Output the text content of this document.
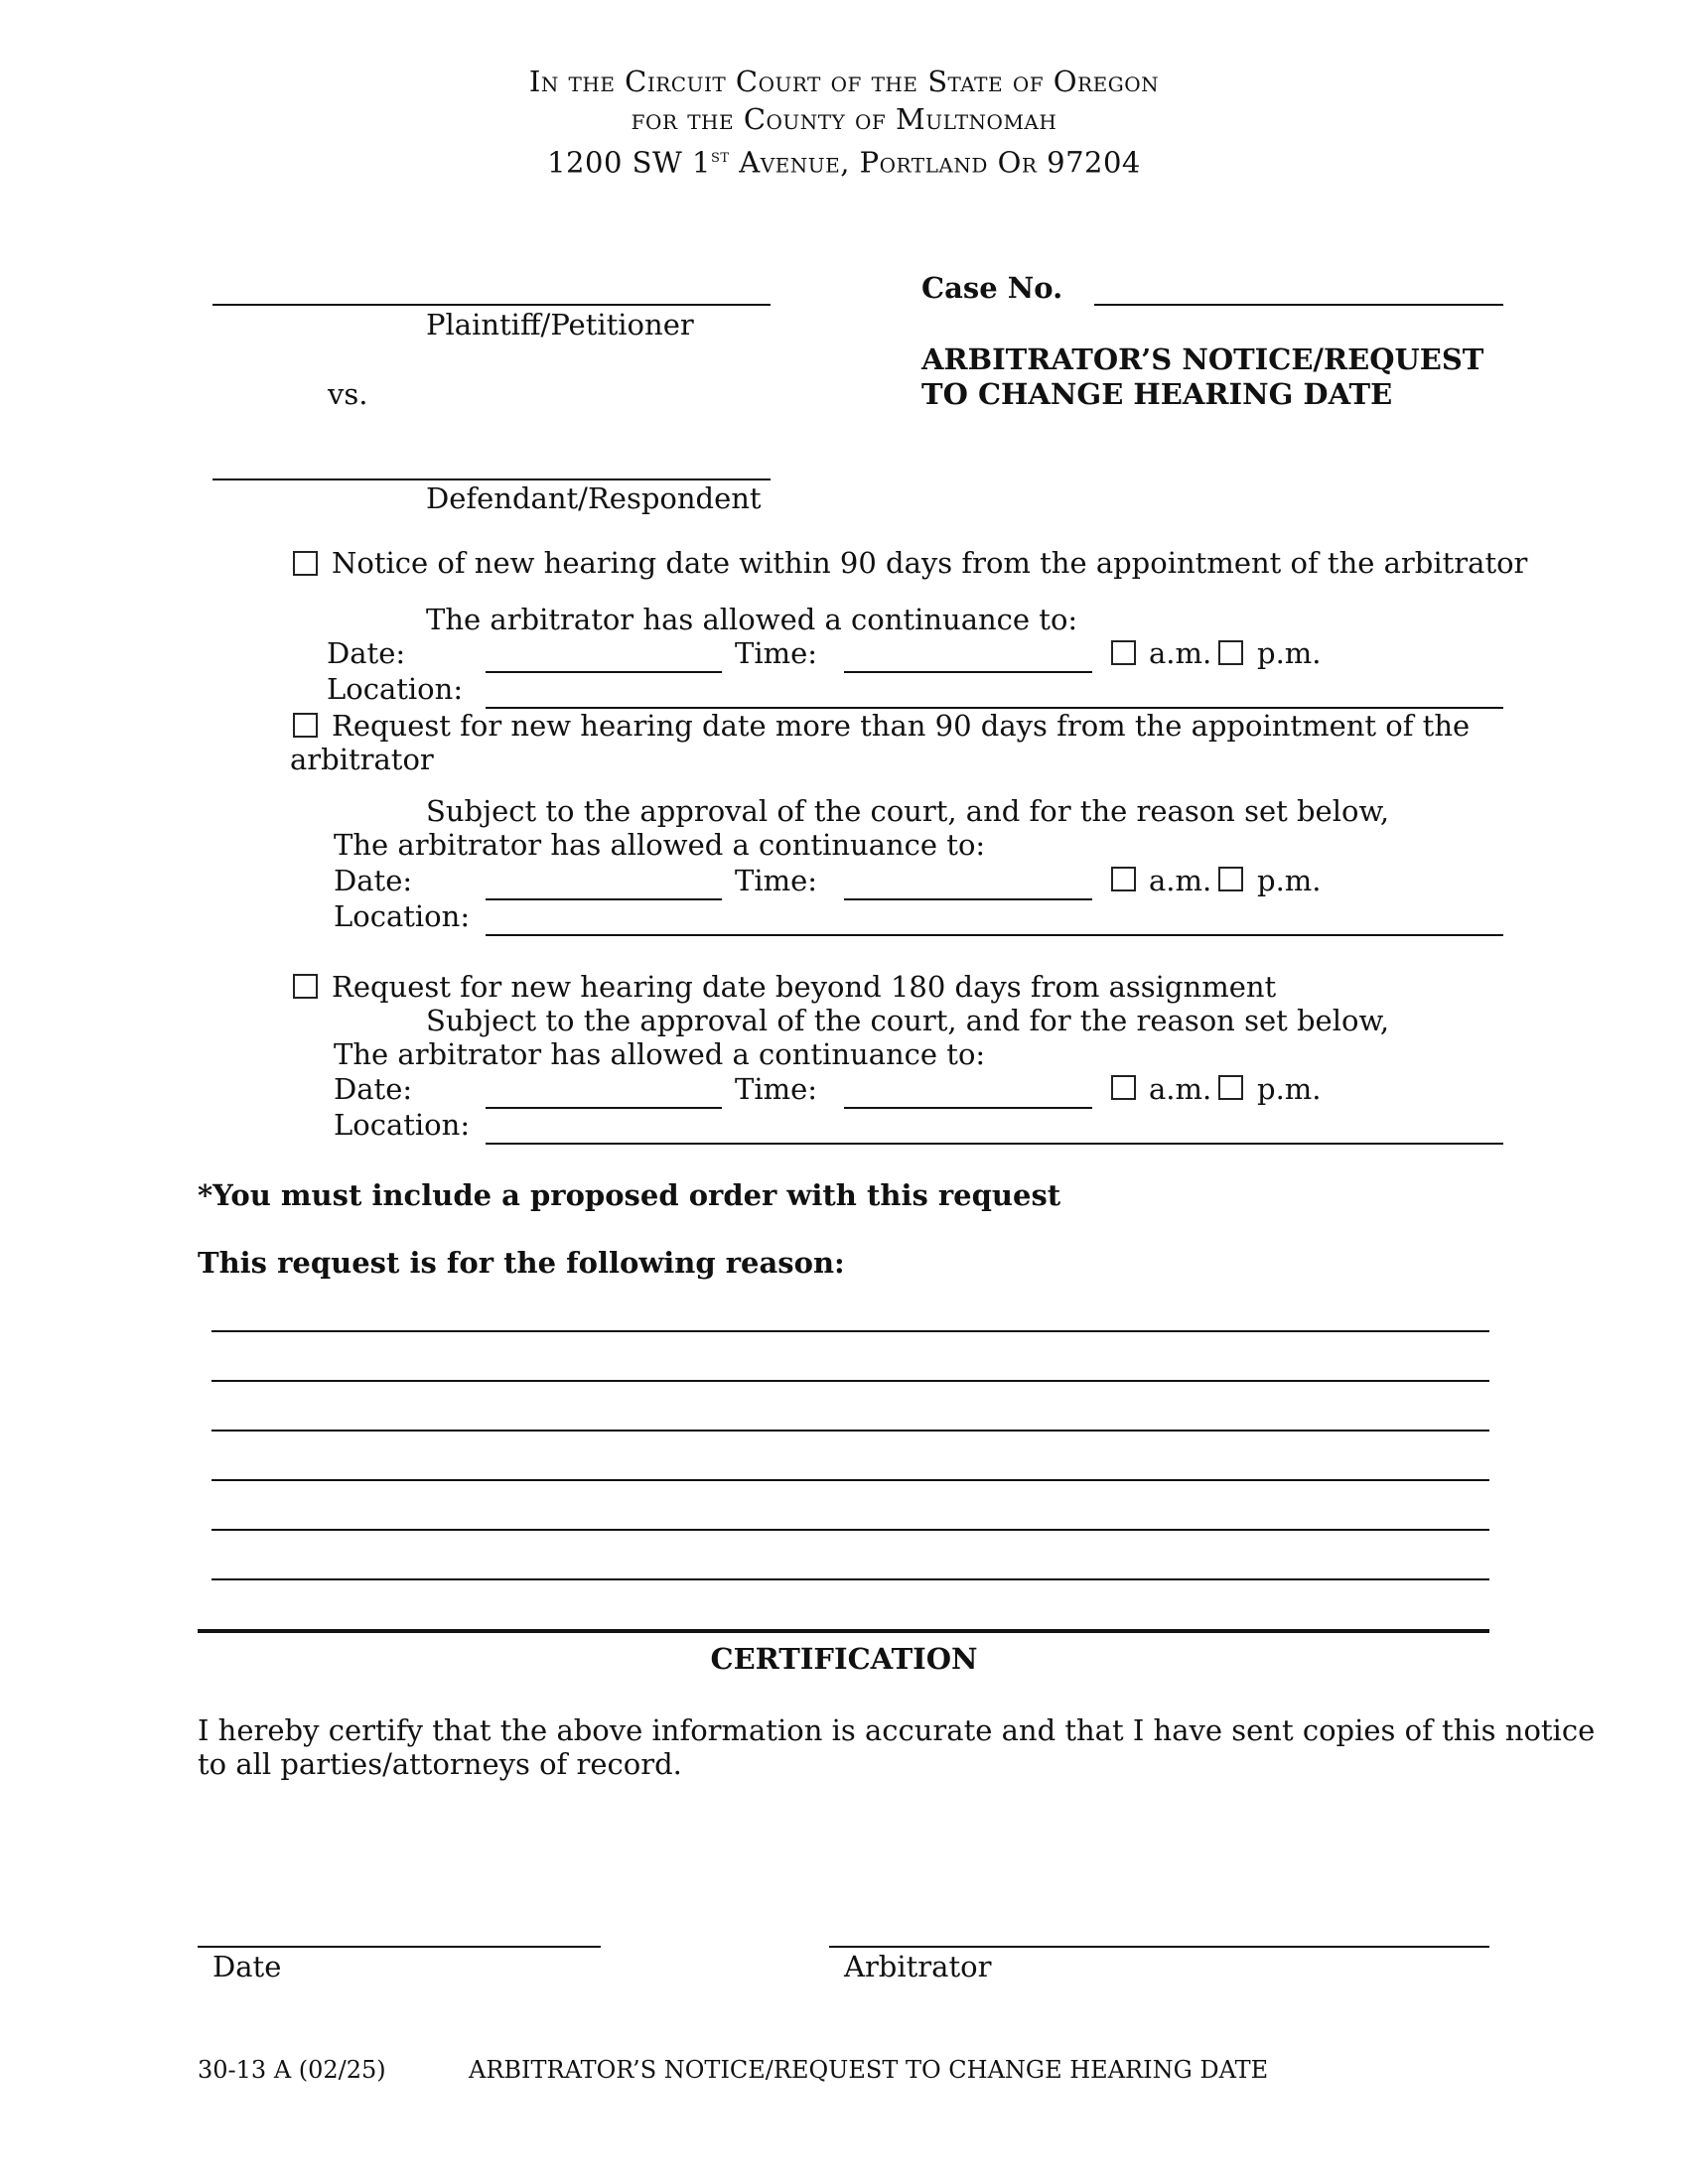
In the Circuit Court of the State of Oregon
for the County of Multnomah
1200 SW 1st Avenue, Portland Or 97204
Plaintiff/Petitioner
vs.
Defendant/Respondent
Case No.
ARBITRATOR’S NOTICE/REQUEST
TO CHANGE HEARING DATE
Notice of new hearing date within 90 days from the appointment of the arbitrator
The arbitrator has allowed a continuance to:
Date:	Time:	a.m. p.m.
Location:
Request for new hearing date more than 90 days from the appointment of the
arbitrator
Subject to the approval of the court, and for the reason set below,
The arbitrator has allowed a continuance to:
Date:	Time:	a.m. p.m.
Location:
Request for new hearing date beyond 180 days from assignment
Subject to the approval of the court, and for the reason set below,
The arbitrator has allowed a continuance to:
Date:	Time:	a.m. p.m.
Location:
*You must include a proposed order with this request
This request is for the following reason:
CERTIFICATION
I hereby certify that the above information is accurate and that I have sent copies of this notice
to all parties/attorneys of record.
Date	Arbitrator
30-13 A (02/25)	ARBITRATOR’S NOTICE/REQUEST TO CHANGE HEARING DATE
